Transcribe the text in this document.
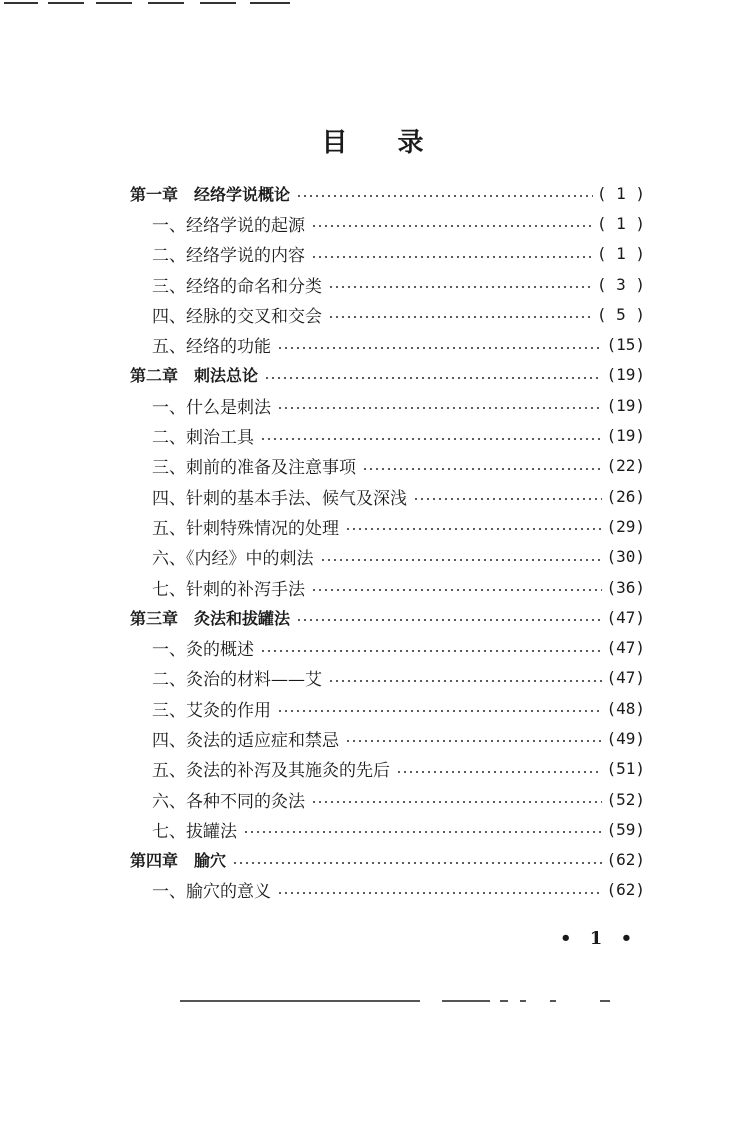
目 录
第一章　经络学说概论	( 1 )
一、经络学说的起源	( 1 )
二、经络学说的内容	( 1 )
三、经络的命名和分类	( 3 )
四、经脉的交叉和交会	( 5 )
五、经络的功能	(15)
第二章　刺法总论	(19)
一、什么是刺法	(19)
二、刺治工具	(19)
三、刺前的准备及注意事项	(22)
四、针刺的基本手法、候气及深浅	(26)
五、针刺特殊情况的处理	(29)
六、《内经》中的刺法	(30)
七、针刺的补泻手法	(36)
第三章　灸法和拔罐法	(47)
一、灸的概述	(47)
二、灸治的材料——艾	(47)
三、艾灸的作用	(48)
四、灸法的适应症和禁忌	(49)
五、灸法的补泻及其施灸的先后	(51)
六、各种不同的灸法	(52)
七、拔罐法	(59)
第四章　腧穴	(62)
一、腧穴的意义	(62)
• 1 •
